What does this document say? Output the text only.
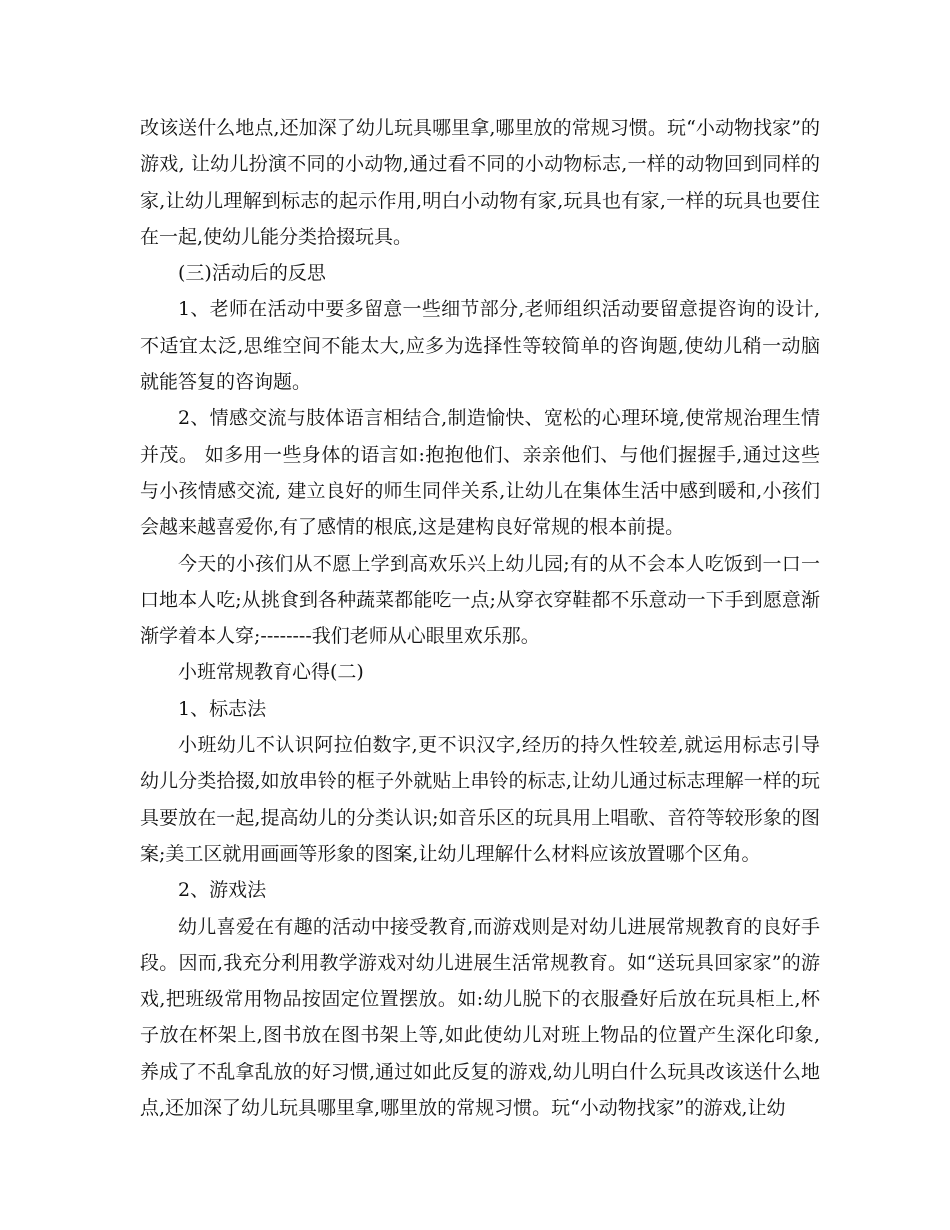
改该送什么地点,还加深了幼儿玩具哪里拿,哪里放的常规习惯。玩“小动物找家”的游戏, 让幼儿扮演不同的小动物,通过看不同的小动物标志,一样的动物回到同样的家,让幼儿理解到标志的起示作用,明白小动物有家,玩具也有家,一样的玩具也要住在一起,使幼儿能分类拾掇玩具。

(三)活动后的反思

1、老师在活动中要多留意一些细节部分,老师组织活动要留意提咨询的设计,不适宜太泛,思维空间不能太大,应多为选择性等较简单的咨询题,使幼儿稍一动脑就能答复的咨询题。

2、情感交流与肢体语言相结合,制造愉快、宽松的心理环境,使常规治理生情并茂。 如多用一些身体的语言如:抱抱他们、亲亲他们、与他们握握手,通过这些与小孩情感交流, 建立良好的师生同伴关系,让幼儿在集体生活中感到暖和,小孩们会越来越喜爱你,有了感情的根底,这是建构良好常规的根本前提。

今天的小孩们从不愿上学到高欢乐兴上幼儿园;有的从不会本人吃饭到一口一口地本人吃;从挑食到各种蔬菜都能吃一点;从穿衣穿鞋都不乐意动一下手到愿意渐渐学着本人穿;--------我们老师从心眼里欢乐那。

小班常规教育心得(二)

1、标志法

小班幼儿不认识阿拉伯数字,更不识汉字,经历的持久性较差,就运用标志引导幼儿分类拾掇,如放串铃的框子外就贴上串铃的标志,让幼儿通过标志理解一样的玩具要放在一起,提高幼儿的分类认识;如音乐区的玩具用上唱歌、音符等较形象的图案;美工区就用画画等形象的图案,让幼儿理解什么材料应该放置哪个区角。

2、游戏法

幼儿喜爱在有趣的活动中接受教育,而游戏则是对幼儿进展常规教育的良好手段。因而,我充分利用教学游戏对幼儿进展生活常规教育。如“送玩具回家家”的游戏,把班级常用物品按固定位置摆放。如:幼儿脱下的衣服叠好后放在玩具柜上,杯子放在杯架上,图书放在图书架上等,如此使幼儿对班上物品的位置产生深化印象,养成了不乱拿乱放的好习惯,通过如此反复的游戏,幼儿明白什么玩具改该送什么地点,还加深了幼儿玩具哪里拿,哪里放的常规习惯。玩“小动物找家”的游戏,让幼
